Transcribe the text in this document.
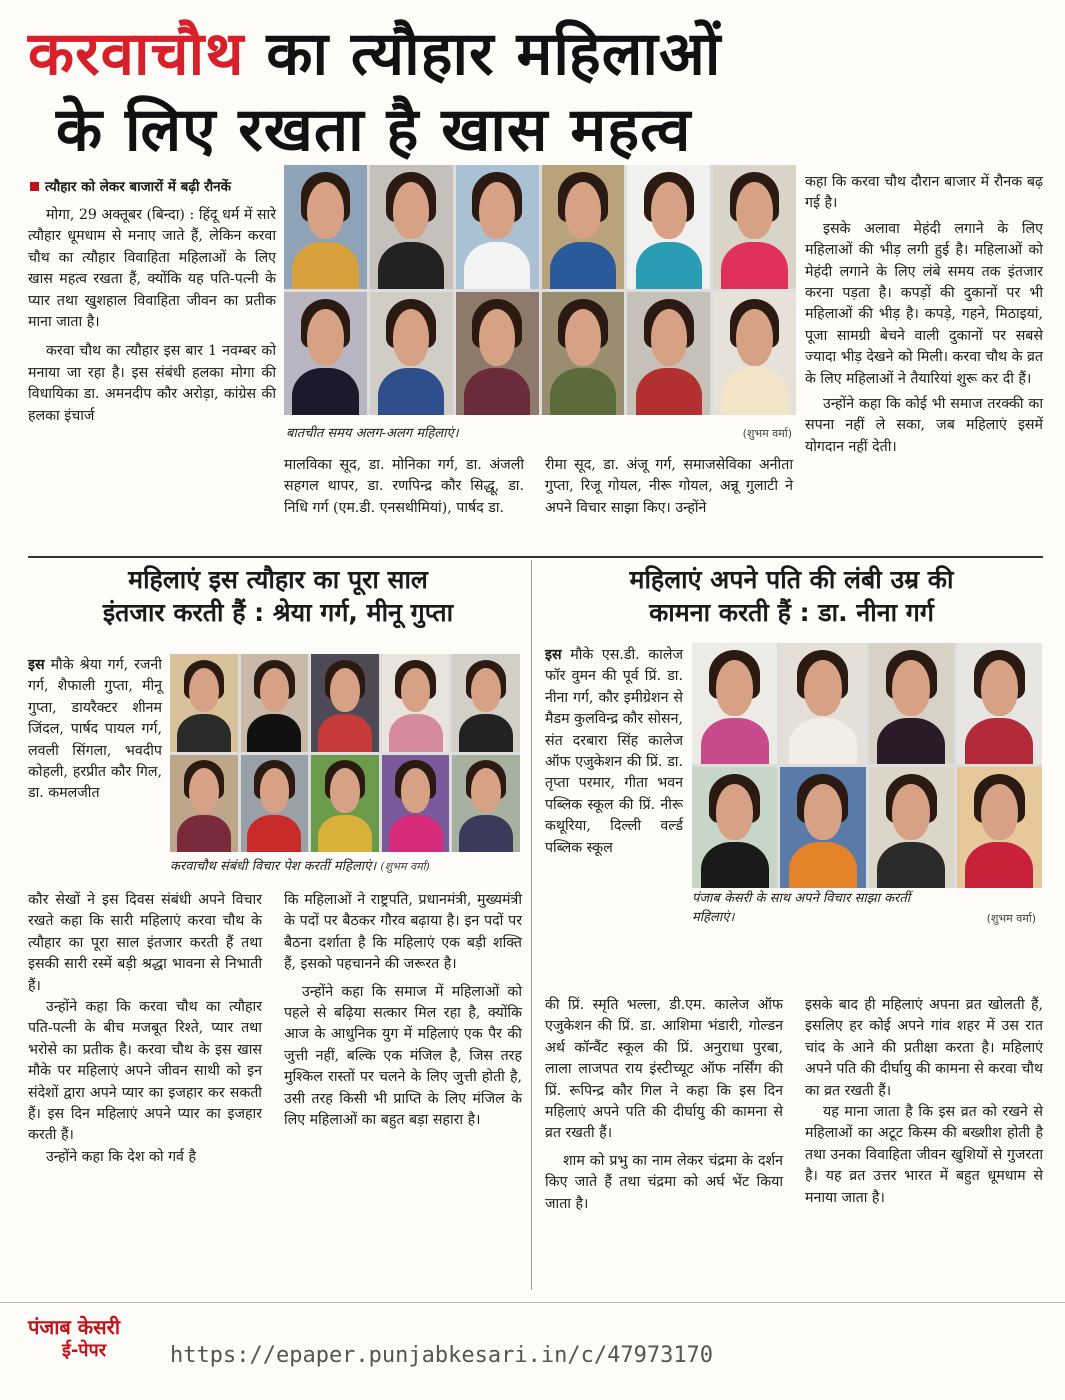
करवाचौथ का त्यौहार महिलाओं
के लिए रखता है खास महत्व
त्यौहार को लेकर बाजारों में बढ़ी रौनकें

मोगा, 29 अक्तूबर (बिन्दा) : हिंदू धर्म में सारे त्यौहार धूमधाम से मनाए जाते हैं, लेकिन करवा चौथ का त्यौहार विवाहिता महिलाओं के लिए खास महत्व रखता हैं, क्योंकि यह पति-पत्नी के प्यार तथा खुशहाल विवाहिता जीवन का प्रतीक माना जाता है।

करवा चौथ का त्यौहार इस बार 1 नवम्बर को मनाया जा रहा है। इस संबंधी हलका मोगा की विधायिका डा. अमनदीप कौर अरोड़ा, कांग्रेस की हलका इंचार्ज

बातचीत समय अलग-अलग महिलाएं।	(शुभम वर्मा)
मालविका सूद, डा. मोनिका गर्ग, डा. अंजली सहगल थापर, डा. रणपिन्द्र कौर सिद्धू, डा. निधि गर्ग (एम.डी. एनसथीमियां), पार्षद डा.
रीमा सूद, डा. अंजू गर्ग, समाजसेविका अनीता गुप्ता, रिजू गोयल, नीरू गोयल, अन्नू गुलाटी ने अपने विचार साझा किए। उन्होंने

कहा कि करवा चौथ दौरान बाजार में रौनक बढ़ गई है।

इसके अलावा मेहंदी लगाने के लिए महिलाओं की भीड़ लगी हुई है। महिलाओं को मेहंदी लगाने के लिए लंबे समय तक इंतजार करना पड़ता है। कपड़ों की दुकानों पर भी महिलाओं की भीड़ है। कपड़े, गहने, मिठाइयां, पूजा सामग्री बेचने वाली दुकानों पर सबसे ज्यादा भीड़ देखने को मिली। करवा चौथ के व्रत के लिए महिलाओं ने तैयारियां शुरू कर दी हैं।

उन्होंने कहा कि कोई भी समाज तरक्की का सपना नहीं ले सका, जब महिलाएं इसमें योगदान नहीं देती।

महिलाएं इस त्यौहार का पूरा साल
इंतजार करती हैं : श्रेया गर्ग, मीनू गुप्ता

इस मौके श्रेया गर्ग, रजनी गर्ग, शैफाली गुप्ता, मीनू गुप्ता, डायरैक्टर शीनम जिंदल, पार्षद पायल गर्ग, लवली सिंगला, भवदीप कोहली, हरप्रीत कौर गिल, डा. कमलजीत

करवाचौथ संबंधी विचार पेश करतीं महिलाएं। (शुभम वर्मा)

कौर सेखों ने इस दिवस संबंधी अपने विचार रखते कहा कि सारी महिलाएं करवा चौथ के त्यौहार का पूरा साल इंतजार करती हैं तथा इसकी सारी रस्में बड़ी श्रद्धा भावना से निभाती हैं।

उन्होंने कहा कि करवा चौथ का त्यौहार पति-पत्नी के बीच मजबूत रिश्ते, प्यार तथा भरोसे का प्रतीक है। करवा चौथ के इस खास मौके पर महिलाएं अपने जीवन साथी को इन संदेशों द्वारा अपने प्यार का इजहार कर सकती हैं। इस दिन महिलाएं अपने प्यार का इजहार करती हैं।

उन्होंने कहा कि देश को गर्व है

कि महिलाओं ने राष्ट्रपति, प्रधानमंत्री, मुख्यमंत्री के पदों पर बैठकर गौरव बढ़ाया है। इन पदों पर बैठना दर्शाता है कि महिलाएं एक बड़ी शक्ति हैं, इसको पहचानने की जरूरत है।

उन्होंने कहा कि समाज में महिलाओं को पहले से बढ़िया सत्कार मिल रहा है, क्योंकि आज के आधुनिक युग में महिलाएं एक पैर की जुत्ती नहीं, बल्कि एक मंजिल है, जिस तरह मुश्किल रास्तों पर चलने के लिए जुत्ती होती है, उसी तरह किसी भी प्राप्ति के लिए मंजिल के लिए महिलाओं का बहुत बड़ा सहारा है।

महिलाएं अपने पति की लंबी उम्र की
कामना करती हैं : डा. नीना गर्ग

इस मौके एस.डी. कालेज फॉर वुमन की पूर्व प्रिं. डा. नीना गर्ग, कौर इमीग्रेशन से मैडम कुलविन्द्र कौर सोसन, संत दरबारा सिंह कालेज ऑफ एजुकेशन की प्रिं. डा. तृप्ता परमार, गीता भवन पब्लिक स्कूल की प्रिं. नीरू कथूरिया, दिल्ली वर्ल्ड पब्लिक स्कूल

पंजाब केसरी के साथ अपने विचार साझा करतीं महिलाएं।	(शुभम वर्मा)

की प्रिं. स्मृति भल्ला, डी.एम. कालेज ऑफ एजुकेशन की प्रिं. डा. आशिमा भंडारी, गोल्डन अर्थ कॉन्वैंट स्कूल की प्रिं. अनुराधा पुरबा, लाला लाजपत राय इंस्टीच्यूट ऑफ नर्सिंग की प्रिं. रूपिन्द्र कौर गिल ने कहा कि इस दिन महिलाएं अपने पति की दीर्घायु की कामना से व्रत रखती हैं।

शाम को प्रभु का नाम लेकर चंद्रमा के दर्शन किए जाते हैं तथा चंद्रमा को अर्घ भेंट किया जाता है।

इसके बाद ही महिलाएं अपना व्रत खोलती हैं, इसलिए हर कोई अपने गांव शहर में उस रात चांद के आने की प्रतीक्षा करता है। महिलाएं अपने पति की दीर्घायु की कामना से करवा चौथ का व्रत रखती हैं।

यह माना जाता है कि इस व्रत को रखने से महिलाओं का अटूट किस्म की बख्शीश होती है तथा उनका विवाहिता जीवन खुशियों से गुजरता है। यह व्रत उत्तर भारत में बहुत धूमधाम से मनाया जाता है।

पंजाब केसरी
ई-पेपर	https://epaper.punjabkesari.in/c/47973170
